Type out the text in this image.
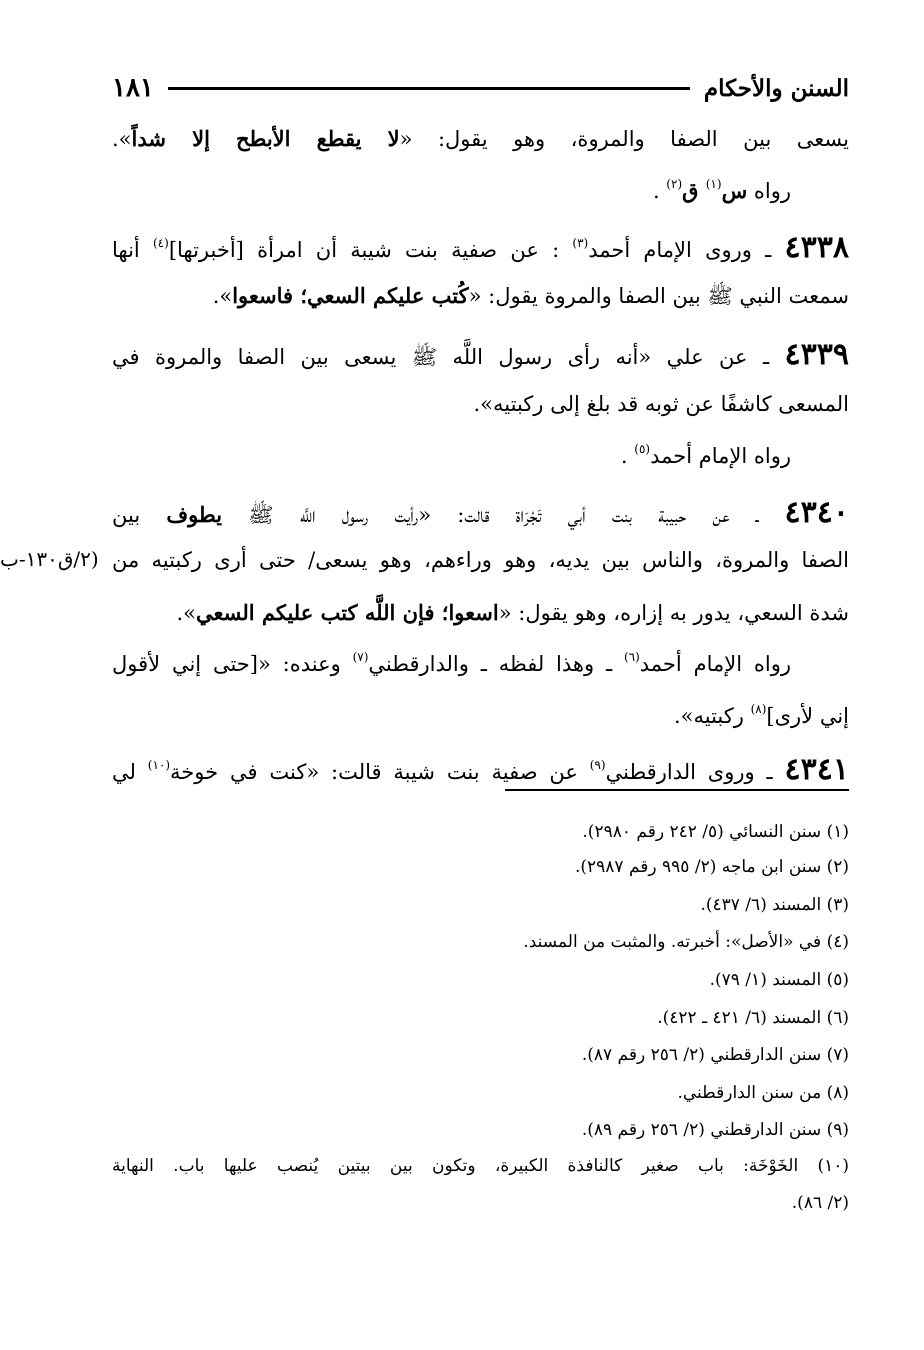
السنن والأحكام
١٨١
يسعى بين الصفا والمروة، وهو يقول: «لا يقطع الأبطح إلا شداً».
رواه س$^{(١)}$ ق$^{(٢)}$ .
٤٣٣٨ ـ وروى الإمام أحمد$^{(٣)}$ : عن صفية بنت شيبة أن امرأة [أخبرتها]$^{(٤)}$ أنها
سمعت النبي ﷺ بين الصفا والمروة يقول: «كُتب عليكم السعي؛ فاسعوا».
٤٣٣٩ ـ عن علي «أنه رأى رسول اللَّه ﷺ يسعى بين الصفا والمروة في
المسعى كاشفًا عن ثوبه قد بلغ إلى ركبتيه».
رواه الإمام أحمد$^{(٥)}$ .
٤٣٤٠ ـ عن حبيبة بنت أبي تَجْرَاة قالت: «رأيت رسول اللَّه ﷺ يطوف بين
الصفا والمروة، والناس بين يديه، وهو وراءهم، وهو يسعى/ حتى أرى ركبتيه من
(٢/ق١٣٠-ب
شدة السعي، يدور به إزاره، وهو يقول: «اسعوا؛ فإن اللَّه كتب عليكم السعي».
رواه الإمام أحمد$^{(٦)}$ ـ وهذا لفظه ـ والدارقطني$^{(٧)}$ وعنده: «[حتى إني لأقول
إني لأرى]$^{(٨)}$ ركبتيه».
٤٣٤١ ـ وروى الدارقطني$^{(٩)}$ عن صفية بنت شيبة قالت: «كنت في خوخة$^{(١٠)}$ لي
(١) سنن النسائي (٥/ ٢٤٢ رقم ٢٩٨٠).
(٢) سنن ابن ماجه (٢/ ٩٩٥ رقم ٢٩٨٧).
(٣) المسند (٦/ ٤٣٧).
(٤) في «الأصل»: أخبرته. والمثبت من المسند.
(٥) المسند (١/ ٧٩).
(٦) المسند (٦/ ٤٢١ ـ ٤٢٢).
(٧) سنن الدارقطني (٢/ ٢٥٦ رقم ٨٧).
(٨) من سنن الدارقطني.
(٩) سنن الدارقطني (٢/ ٢٥٦ رقم ٨٩).
(١٠) الخَوْخَة: باب صغير كالنافذة الكبيرة، وتكون بين بيتين يُنصب عليها باب. النهاية
(٢/ ٨٦).
